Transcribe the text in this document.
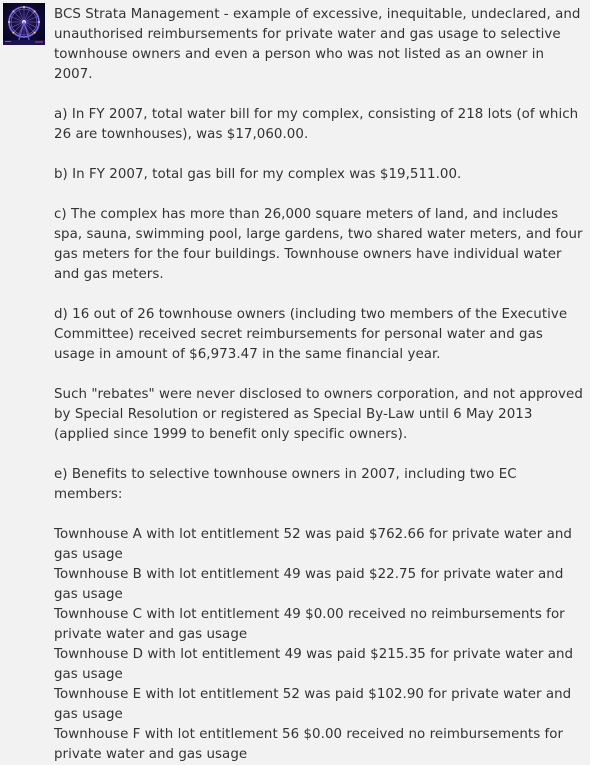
BCS Strata Management - example of excessive, inequitable, undeclared, and unauthorised reimbursements for private water and gas usage to selective townhouse owners and even a person who was not listed as an owner in 2007.

a) In FY 2007, total water bill for my complex, consisting of 218 lots (of which 26 are townhouses), was $17,060.00.

b) In FY 2007, total gas bill for my complex was $19,511.00.

c) The complex has more than 26,000 square meters of land, and includes spa, sauna, swimming pool, large gardens, two shared water meters, and four gas meters for the four buildings. Townhouse owners have individual water and gas meters.

d) 16 out of 26 townhouse owners (including two members of the Executive Committee) received secret reimbursements for personal water and gas usage in amount of $6,973.47 in the same financial year.

Such "rebates" were never disclosed to owners corporation, and not approved by Special Resolution or registered as Special By-Law until 6 May 2013 (applied since 1999 to benefit only specific owners).

e) Benefits to selective townhouse owners in 2007, including two EC members:

Townhouse A with lot entitlement 52 was paid $762.66 for private water and gas usage
Townhouse B with lot entitlement 49 was paid $22.75 for private water and gas usage
Townhouse C with lot entitlement 49 $0.00 received no reimbursements for private water and gas usage
Townhouse D with lot entitlement 49 was paid $215.35 for private water and gas usage
Townhouse E with lot entitlement 52 was paid $102.90 for private water and gas usage
Townhouse F with lot entitlement 56 $0.00 received no reimbursements for private water and gas usage
